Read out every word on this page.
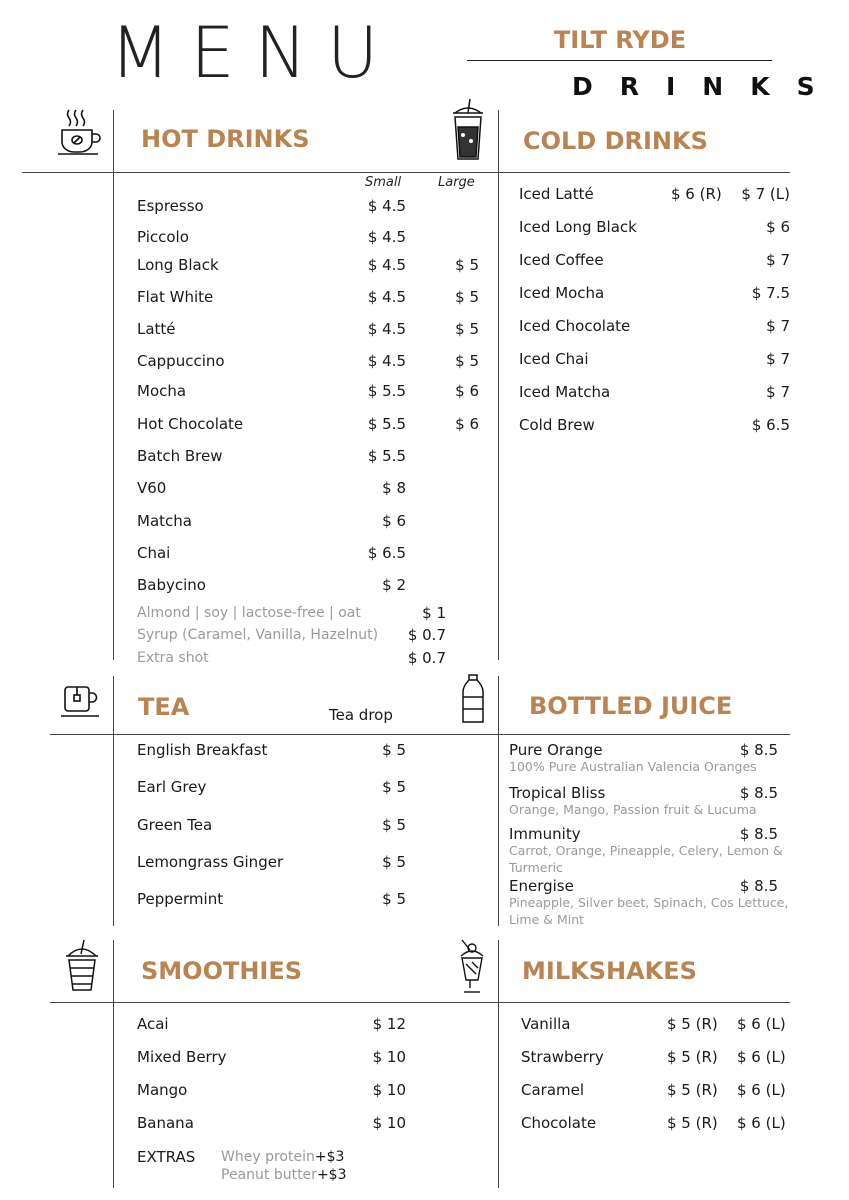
MENU	TILT RYDE
DRINKS
HOT DRINKS	COLD DRINKS
TEA	Tea drop	BOTTLED JUICE
SMOOTHIES	MILKSHAKES
Small	Large
Espresso	$ 4.5
Piccolo	$ 4.5
Long Black	$ 4.5	$ 5
Flat White	$ 4.5	$ 5
Latté	$ 4.5	$ 5
Cappuccino	$ 4.5	$ 5
Mocha	$ 5.5	$ 6
Hot Chocolate	$ 5.5	$ 6
Batch Brew	$ 5.5
V60	$ 8
Matcha	$ 6
Chai	$ 6.5
Babycino	$ 2
Almond | soy | lactose-free | oat	$ 1
Syrup (Caramel, Vanilla, Hazelnut) $ 0.7
Extra shot	$ 0.7
Iced Latté	$ 6 (R) $ 7 (L)
Iced Long Black	$ 6
Iced Coffee	$ 7
Iced Mocha	$ 7.5
Iced Chocolate	$ 7
Iced Chai	$ 7
Iced Matcha	$ 7
Cold Brew	$ 6.5
English Breakfast	$ 5
Earl Grey	$ 5
Green Tea	$ 5
Lemongrass Ginger	$ 5
Peppermint	$ 5
Pure Orange	$ 8.5
100% Pure Australian Valencia Oranges
Tropical Bliss	$ 8.5
Orange, Mango, Passion fruit & Lucuma
Immunity	$ 8.5
Carrot, Orange, Pineapple, Celery, Lemon &
Turmeric
Energise	$ 8.5
Pineapple, Silver beet, Spinach, Cos Lettuce,
Lime & Mint
Acai	$ 12
Mixed Berry	$ 10
Mango	$ 10
Banana	$ 10
EXTRAS Whey protein+$3
Peanut butter+$3
Vanilla	$ 5 (R) $ 6 (L)
Strawberry	$ 5 (R) $ 6 (L)
Caramel	$ 5 (R) $ 6 (L)
Chocolate	$ 5 (R) $ 6 (L)
